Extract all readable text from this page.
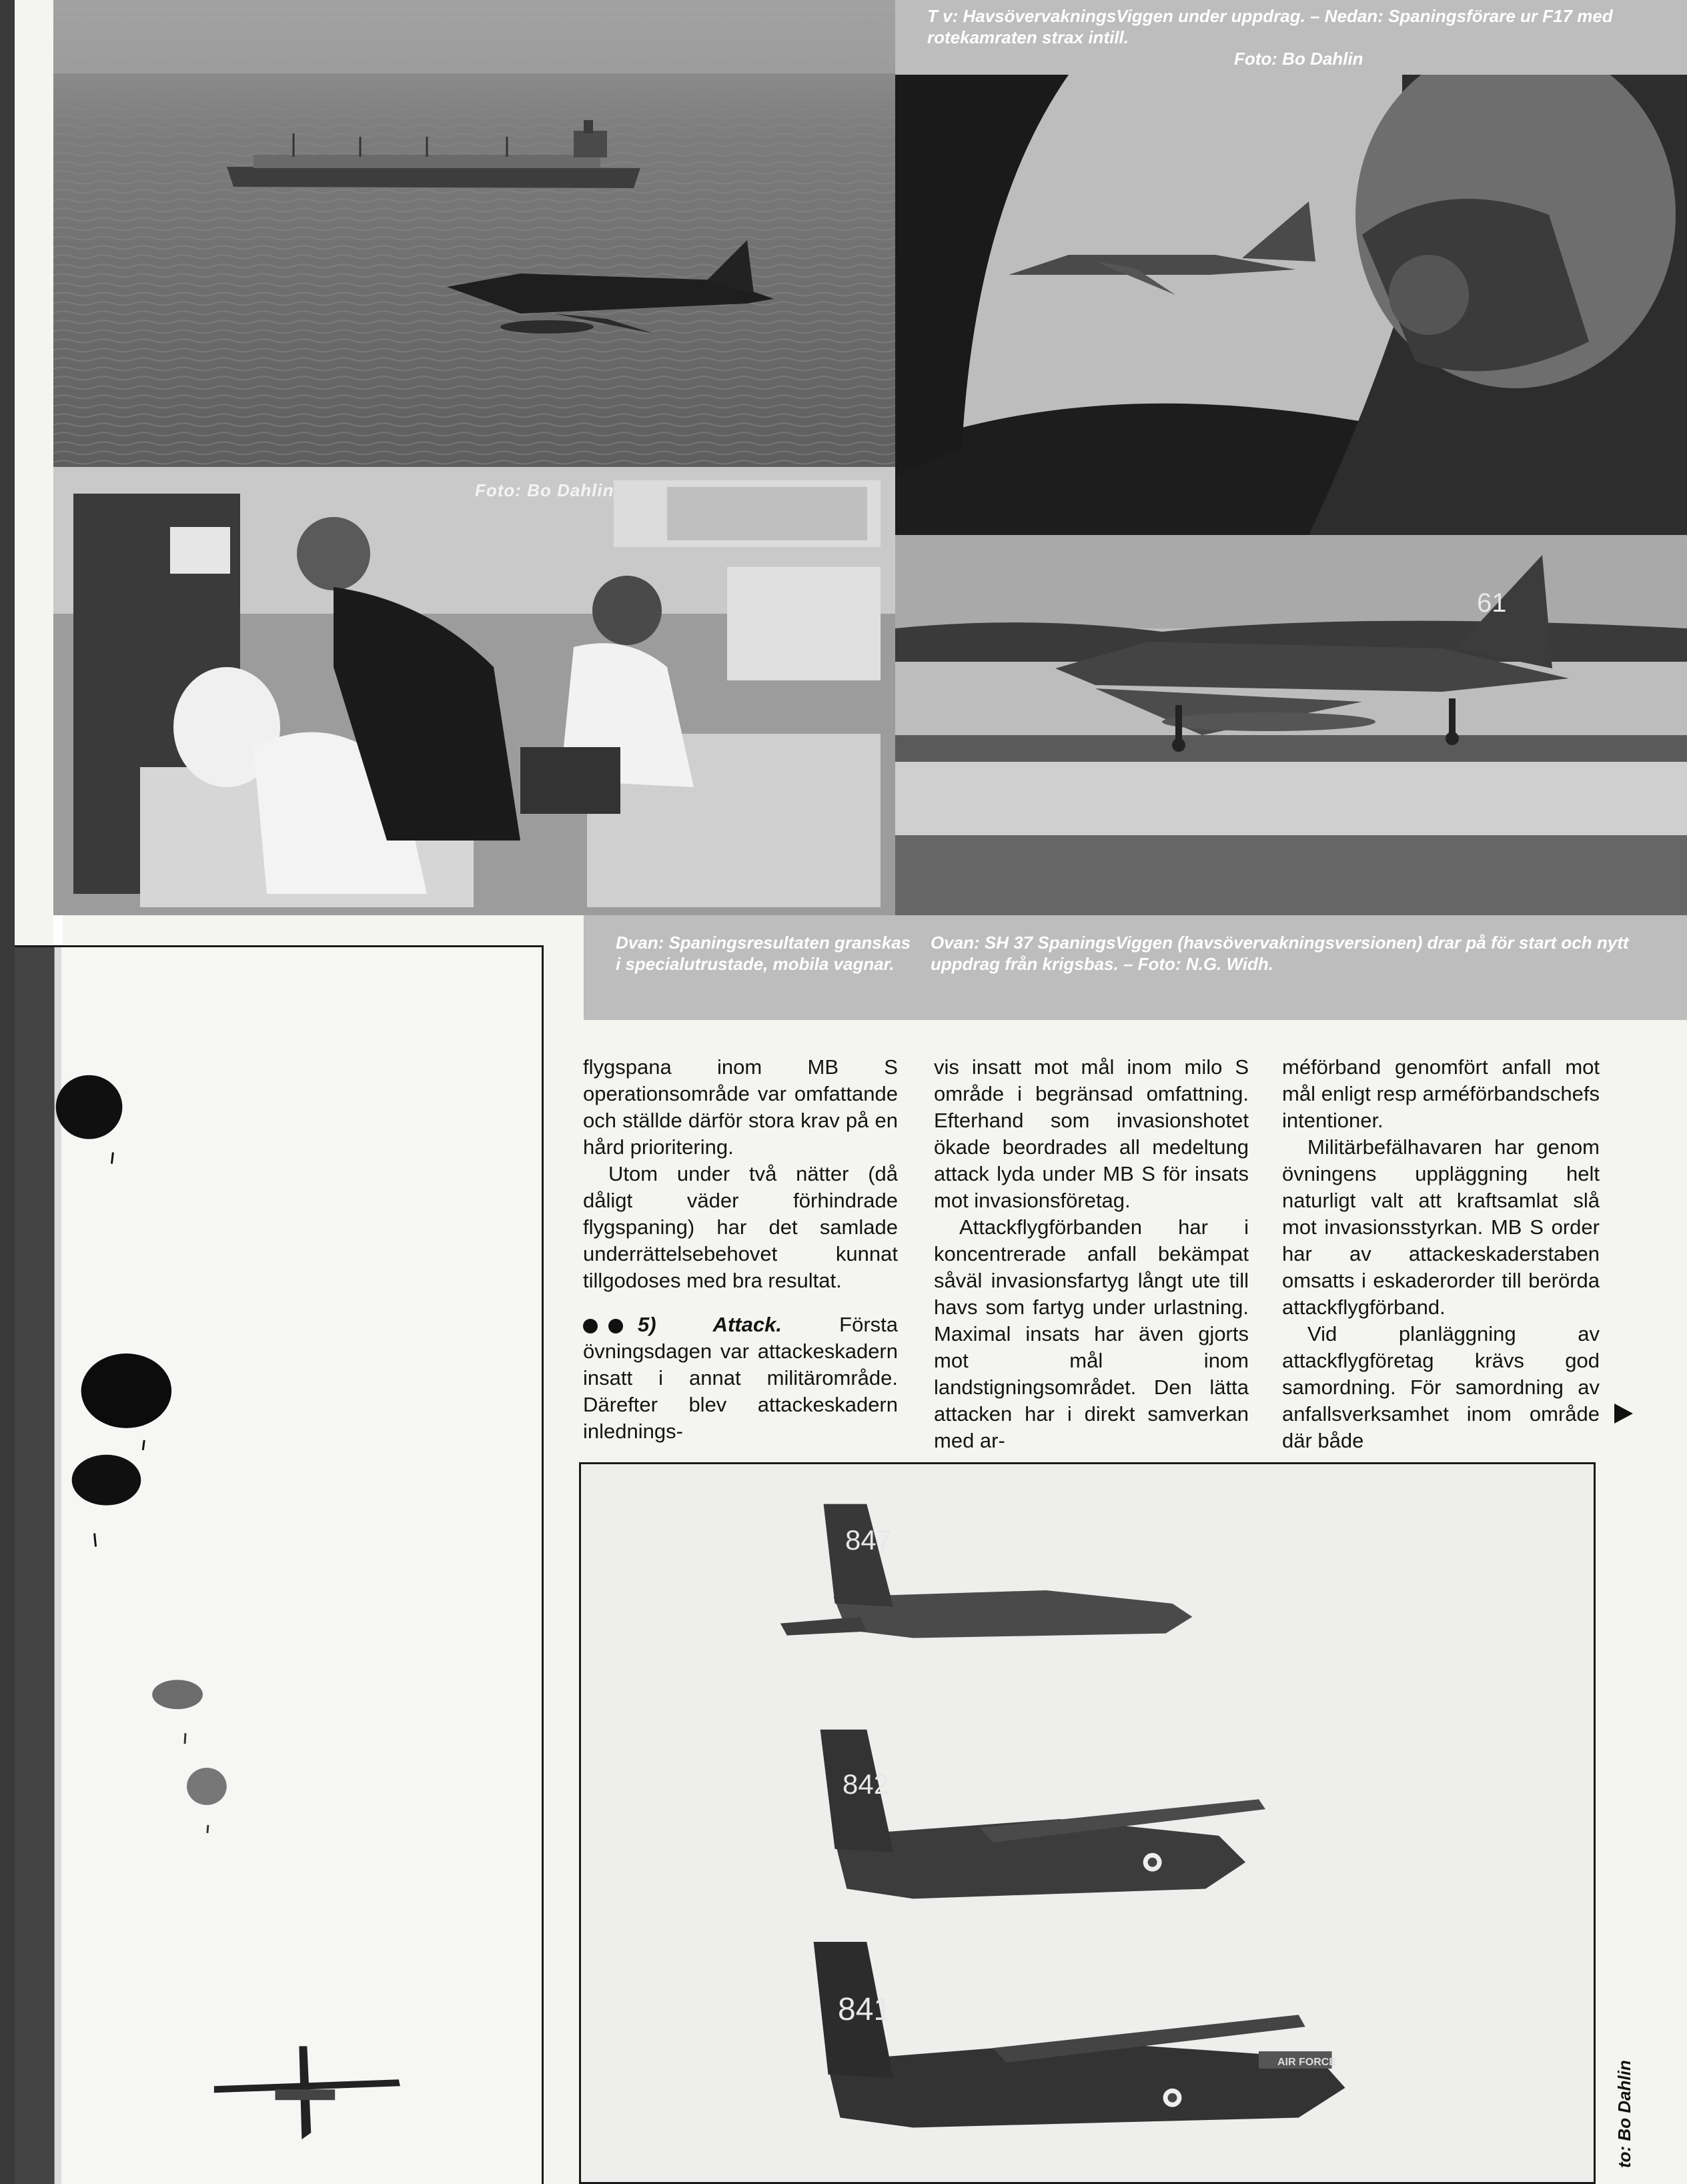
T v: HavsövervakningsViggen under uppdrag. – Nedan: Spaningsförare ur F17 med
rotekamraten strax intill.
Foto: Bo Dahlin
Foto: Bo Dahlin
61
Dvan: Spaningsresultaten granskas
i specialutrustade, mobila vagnar.
Ovan: SH 37 SpaningsViggen (havsövervakningsversionen) drar på för start och nytt
uppdrag från krigsbas. – Foto: N.G. Widh.

flygspana inom MB S operationsområde var omfattande och ställde därför stora krav på en hård prioritering.

Utom under två nätter (då dåligt väder förhindrade flygspaning) har det samlade underrättelsebehovet kunnat tillgodoses med bra resultat.

5) Attack. Första övningsdagen var attackeskadern insatt i annat militärområde. Därefter blev attackeskadern inlednings-

vis insatt mot mål inom milo S område i begränsad omfattning. Efterhand som invasionshotet ökade beordrades all medeltung attack lyda under MB S för insats mot invasionsföretag.

Attackflygförbanden har i koncentrerade anfall bekämpat såväl invasionsfartyg långt ute till havs som fartyg under urlastning. Maximal insats har även gjorts mot mål inom landstigningsområdet. Den lätta attacken har i direkt samverkan med ar-

méförband genomfört anfall mot mål enligt resp arméförbandschefs intentioner.

Militärbefälhavaren har genom övningens uppläggning helt naturligt valt att kraftsamlat slå mot invasionsstyrkan. MB S order har av attackeskaderstaben omsatts i eskaderorder till berörda attackflygförband.

Vid planläggning av attackflygföretag krävs god samordning. För samordning av anfallsverksamhet inom område där både

847
842
841
AIR FORCE	to: Bo Dahlin
